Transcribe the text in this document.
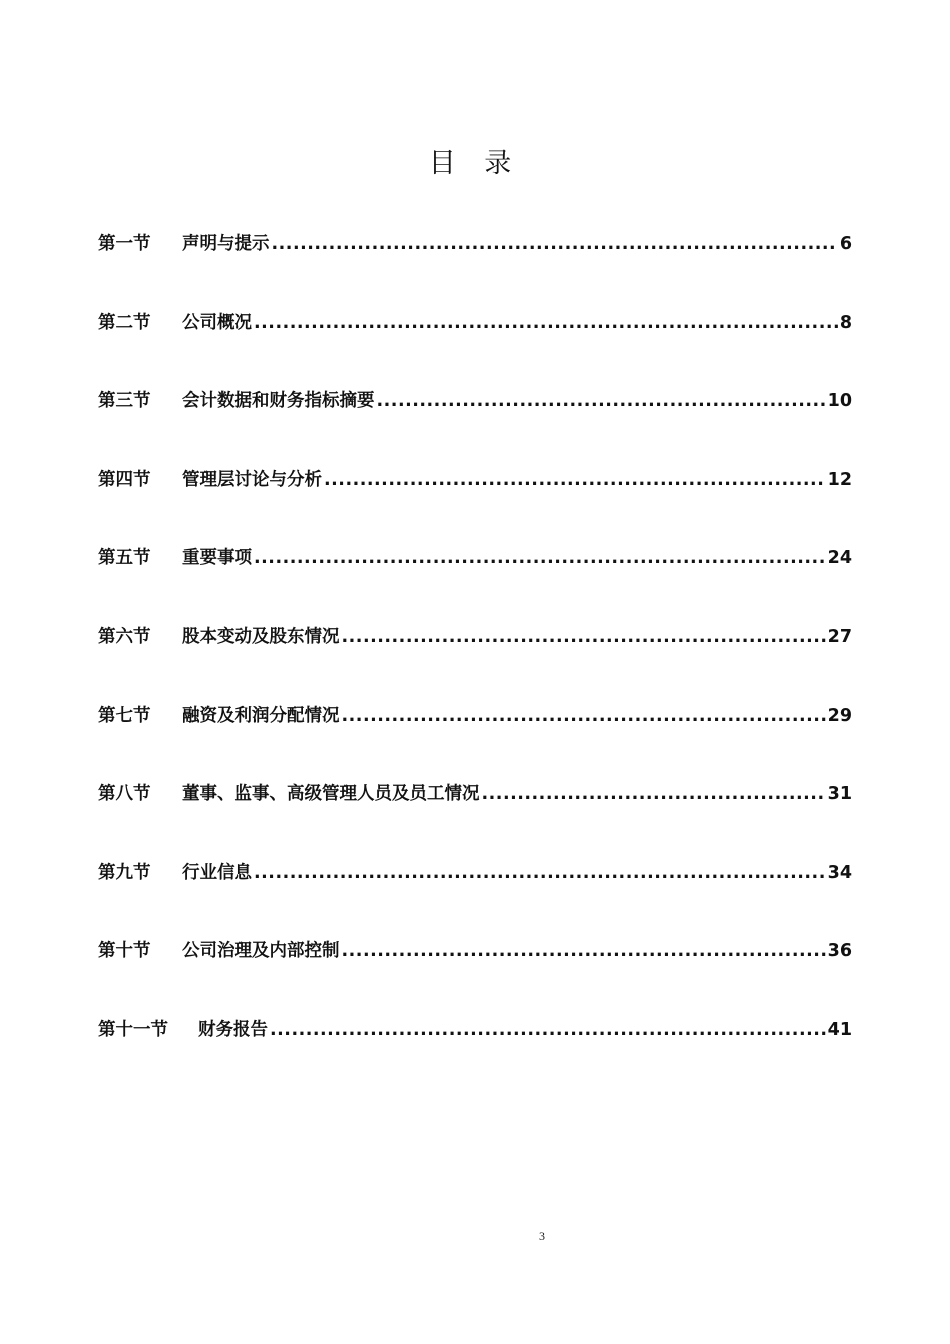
目 录
第一节	声明与提示 .....	6
第二节	公司概况 .....	8
第三节	会计数据和财务指标摘要 .....	10
第四节	管理层讨论与分析 .....	12
第五节	重要事项 .....	24
第六节	股本变动及股东情况 .....	27
第七节	融资及利润分配情况 .....	29
第八节	董事、监事、高级管理人员及员工情况 .....	31
第九节	行业信息 .....	34
第十节	公司治理及内部控制 .....	36
第十一节	财务报告 .....	41
3
